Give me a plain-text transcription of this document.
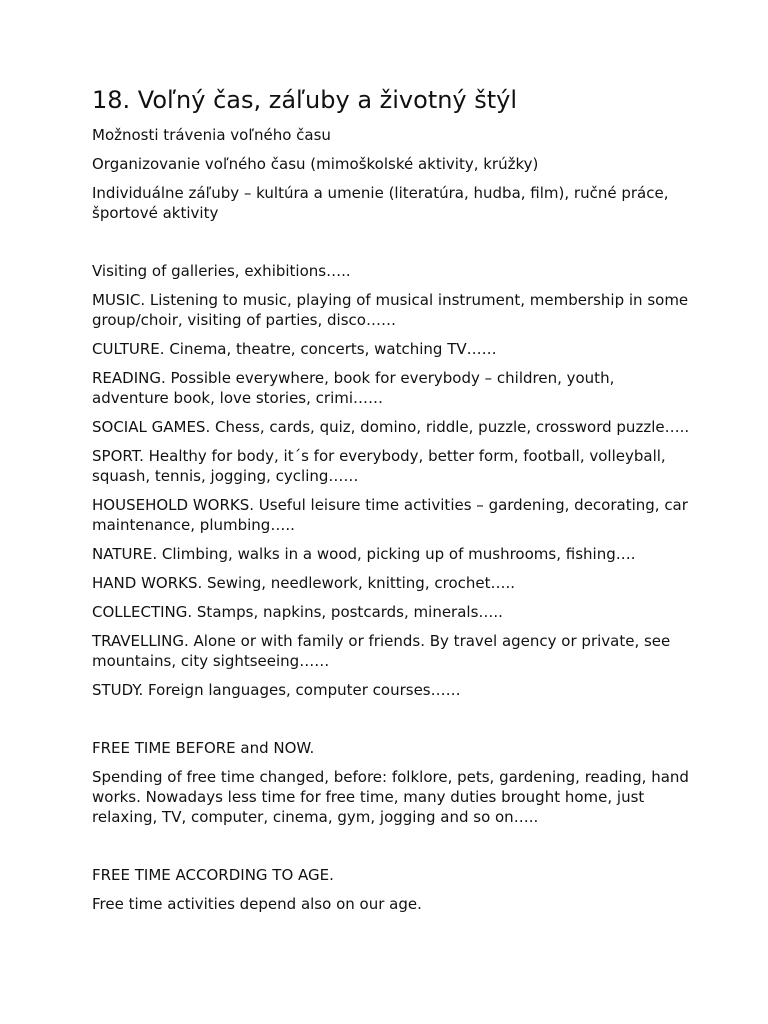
18. Voľný čas, záľuby a životný štýl

Možnosti trávenia voľného času

Organizovanie voľného času (mimoškolské aktivity, krúžky)

Individuálne záľuby – kultúra a umenie (literatúra, hudba, film), ručné práce, športové aktivity

Visiting of galleries, exhibitions…..

MUSIC. Listening to music, playing of musical instrument, membership in some group/choir, visiting of parties, disco……

CULTURE. Cinema, theatre, concerts, watching TV……

READING. Possible everywhere, book for everybody – children, youth, adventure book, love stories, crimi……

SOCIAL GAMES. Chess, cards, quiz, domino, riddle, puzzle, crossword puzzle…..

SPORT. Healthy for body, it´s for everybody, better form, football, volleyball, squash, tennis, jogging, cycling……

HOUSEHOLD WORKS. Useful leisure time activities – gardening, decorating, car maintenance, plumbing…..

NATURE. Climbing, walks in a wood, picking up of mushrooms, fishing….

HAND WORKS. Sewing, needlework, knitting, crochet…..

COLLECTING. Stamps, napkins, postcards, minerals…..

TRAVELLING. Alone or with family or friends. By travel agency or private, see mountains, city sightseeing……

STUDY. Foreign languages, computer courses……

FREE TIME BEFORE and NOW.

Spending of free time changed, before: folklore, pets, gardening, reading, hand works. Nowadays less time for free time, many duties brought home, just relaxing, TV, computer, cinema, gym, jogging and so on…..

FREE TIME ACCORDING TO AGE.

Free time activities depend also on our age.
